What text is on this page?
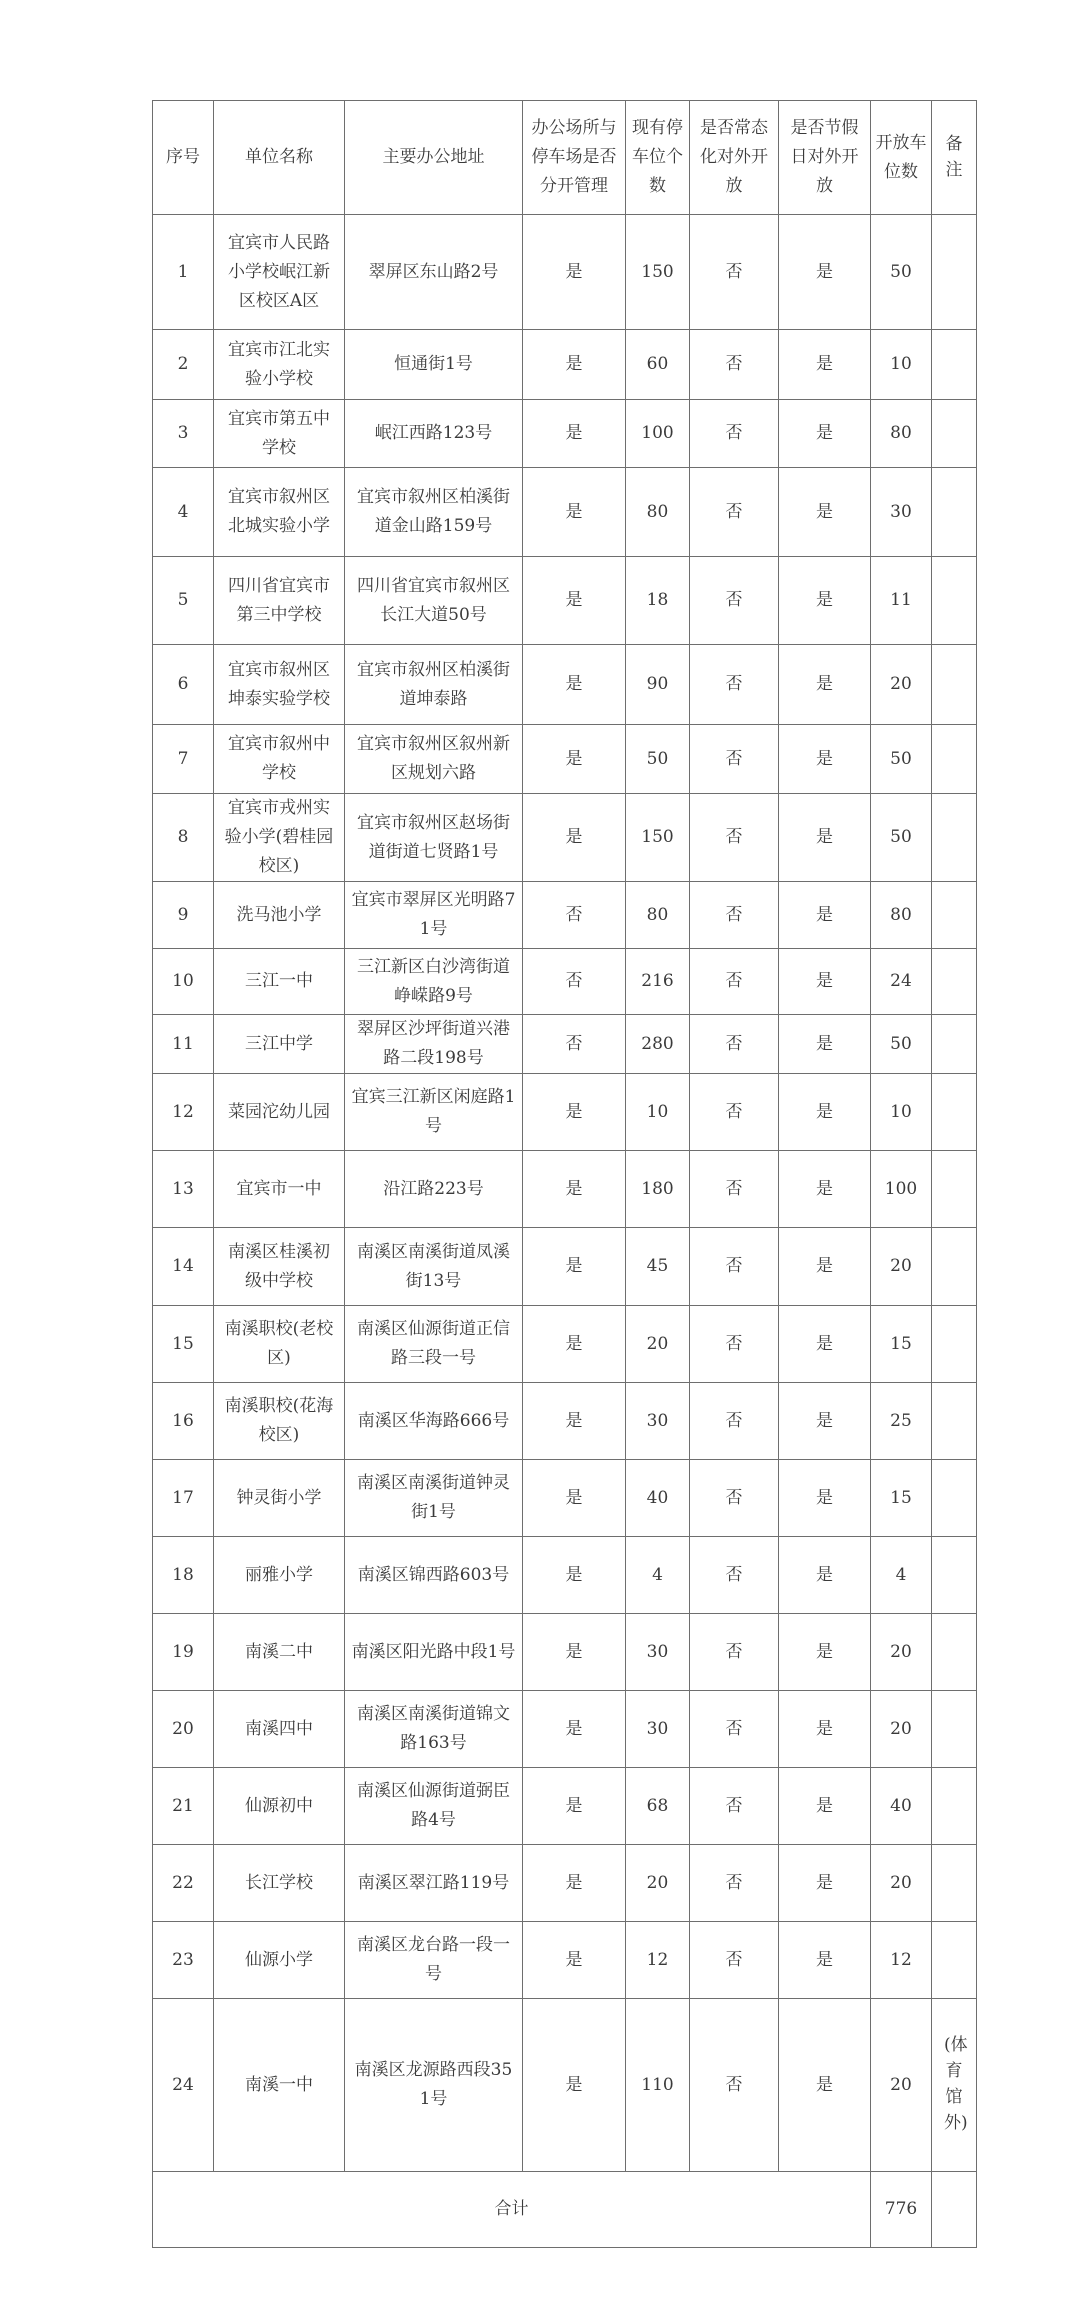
序号	单位名称	主要办公地址	办公场所与停车场是否分开管理	现有停车位个数	是否常态化对外开放	是否节假日对外开放	开放车位数	备注
1	宜宾市人民路小学校岷江新区校区A区	翠屏区东山路2号	是	150	否	是	50	
2	宜宾市江北实验小学校	恒通街1号	是	60	否	是	10	
3	宜宾市第五中学校	岷江西路123号	是	100	否	是	80	
4	宜宾市叙州区北城实验小学	宜宾市叙州区柏溪街道金山路159号	是	80	否	是	30	
5	四川省宜宾市第三中学校	四川省宜宾市叙州区长江大道50号	是	18	否	是	11	
6	宜宾市叙州区坤泰实验学校	宜宾市叙州区柏溪街道坤泰路	是	90	否	是	20	
7	宜宾市叙州中学校	宜宾市叙州区叙州新区规划六路	是	50	否	是	50	
8	宜宾市戎州实验小学(碧桂园校区)	宜宾市叙州区赵场街道街道七贤路1号	是	150	否	是	50	
9	洗马池小学	宜宾市翠屏区光明路71号	否	80	否	是	80	
10	三江一中	三江新区白沙湾街道峥嵘路9号	否	216	否	是	24	
11	三江中学	翠屏区沙坪街道兴港路二段198号	否	280	否	是	50	
12	菜园沱幼儿园	宜宾三江新区闲庭路1号	是	10	否	是	10	
13	宜宾市一中	沿江路223号	是	180	否	是	100	
14	南溪区桂溪初级中学校	南溪区南溪街道凤溪街13号	是	45	否	是	20	
15	南溪职校(老校区)	南溪区仙源街道正信路三段一号	是	20	否	是	15	
16	南溪职校(花海校区)	南溪区华海路666号	是	30	否	是	25	
17	钟灵街小学	南溪区南溪街道钟灵街1号	是	40	否	是	15	
18	丽雅小学	南溪区锦西路603号	是	4	否	是	4	
19	南溪二中	南溪区阳光路中段1号	是	30	否	是	20	
20	南溪四中	南溪区南溪街道锦文路163号	是	30	否	是	20	
21	仙源初中	南溪区仙源街道弼臣路4号	是	68	否	是	40	
22	长江学校	南溪区翠江路119号	是	20	否	是	20	
23	仙源小学	南溪区龙台路一段一号	是	12	否	是	12	
24	南溪一中	南溪区龙源路西段351号	是	110	否	是	20	(体育馆外)
合计							776	
